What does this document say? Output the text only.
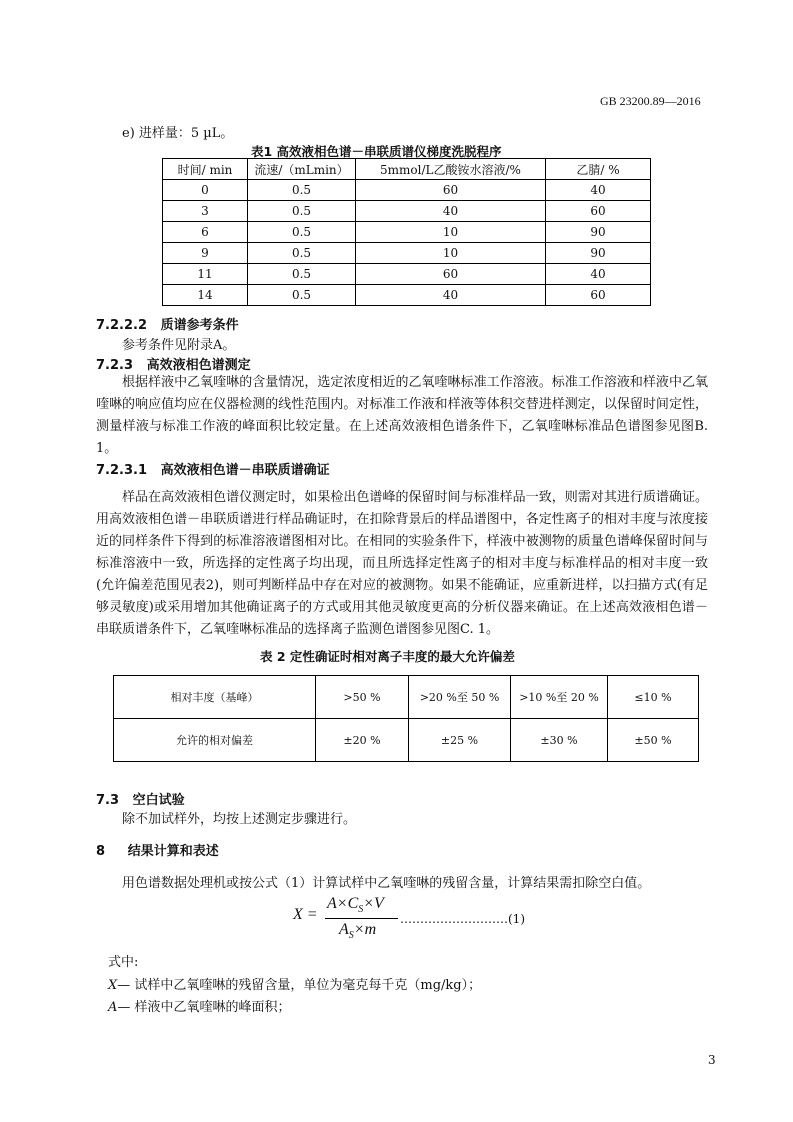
GB 23200.89—2016
e) 进样量：5 µL。
表1 高效液相色谱－串联质谱仪梯度洗脱程序
时间/ min	流速/（mLmin）	5mmol/L乙酸铵水溶液/%	乙腈/ %
0	0.5	60	40
3	0.5	40	60
6	0.5	10	90
9	0.5	10	90
11	0.5	60	40
14	0.5	40	60
7.2.2.2 质谱参考条件
参考条件见附录A。
7.2.3 高效液相色谱测定

根据样液中乙氧喹啉的含量情况，选定浓度相近的乙氧喹啉标准工作溶液。标准工作溶液和样液中乙氧喹啉的响应值均应在仪器检测的线性范围内。对标准工作液和样液等体积交替进样测定，以保留时间定性，测量样液与标准工作液的峰面积比较定量。在上述高效液相色谱条件下，乙氧喹啉标准品色谱图参见图B. 1。

7.2.3.1 高效液相色谱－串联质谱确证

样品在高效液相色谱仪测定时，如果检出色谱峰的保留时间与标准样品一致，则需对其进行质谱确证。用高效液相色谱－串联质谱进行样品确证时，在扣除背景后的样品谱图中，各定性离子的相对丰度与浓度接近的同样条件下得到的标准溶液谱图相对比。在相同的实验条件下，样液中被测物的质量色谱峰保留时间与标准溶液中一致，所选择的定性离子均出现，而且所选择定性离子的相对丰度与标准样品的相对丰度一致(允许偏差范围见表2)，则可判断样品中存在对应的被测物。如果不能确证，应重新进样，以扫描方式(有足够灵敏度)或采用增加其他确证离子的方式或用其他灵敏度更高的分析仪器来确证。在上述高效液相色谱－串联质谱条件下，乙氧喹啉标准品的选择离子监测色谱图参见图C. 1。

表 2 定性确证时相对离子丰度的最大允许偏差
相对丰度（基峰）	>50 %	>20 %至 50 %	>10 %至 20 %	≤10 %
允许的相对偏差	±20 %	±25 %	±30 %	±50 %
7.3 空白试验
除不加试样外，均按上述测定步骤进行。
8 结果计算和表述
用色谱数据处理机或按公式（1）计算试样中乙氧喹啉的残留含量，计算结果需扣除空白值。
X =
$A\times C_S\times V$
$A_S\times m$
………………………(1)
式中:
X— 试样中乙氧喹啉的残留含量，单位为毫克每千克（mg/kg）；
A— 样液中乙氧喹啉的峰面积；
3
